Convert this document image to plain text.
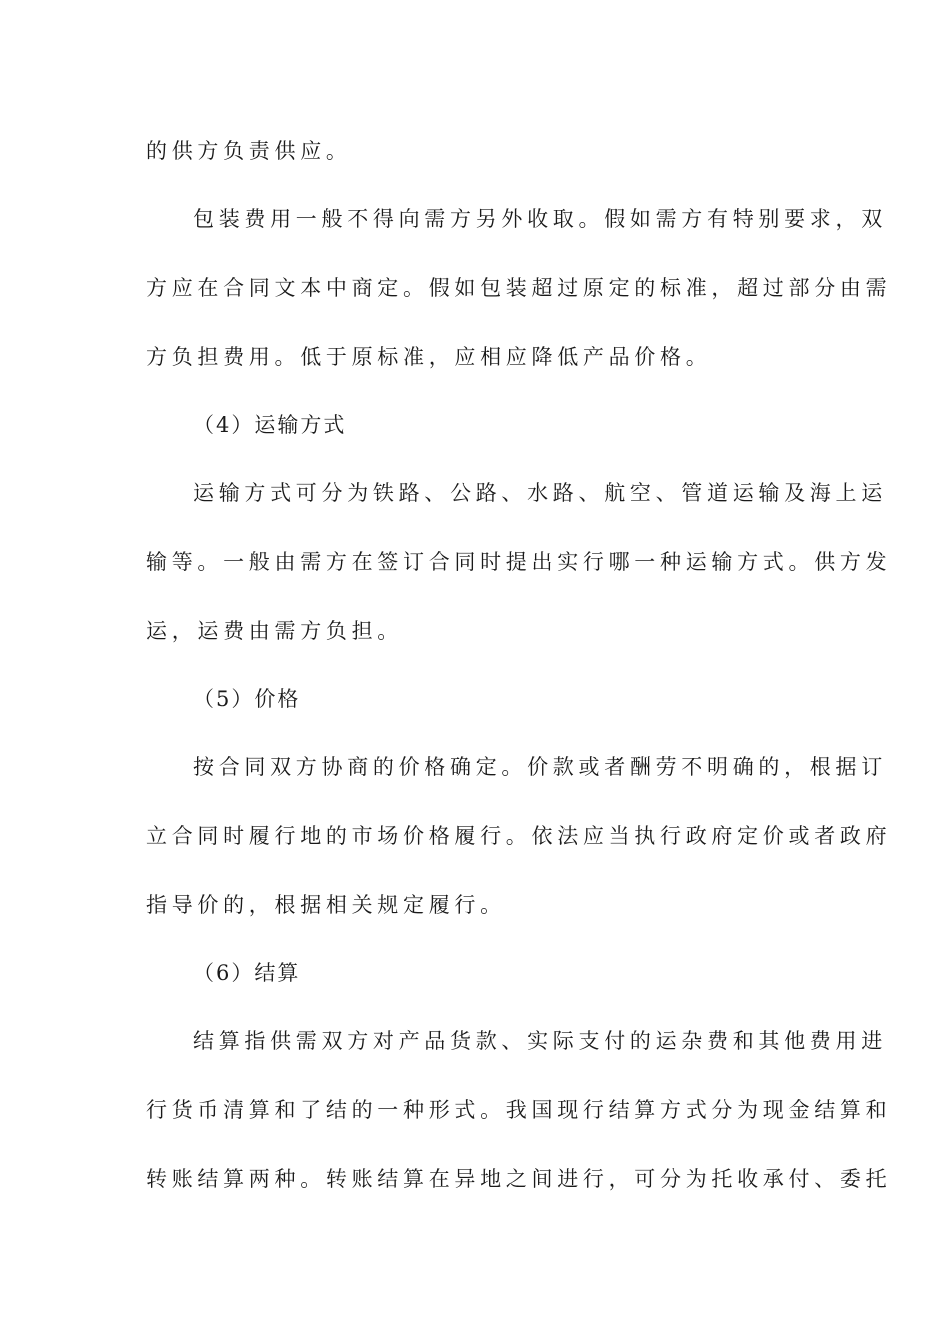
的供方负责供应。
包装费用一般不得向需方另外收取。假如需方有特别要求，双
方应在合同文本中商定。假如包装超过原定的标准，超过部分由需
方负担费用。低于原标准，应相应降低产品价格。
（4）运输方式
运输方式可分为铁路、公路、水路、航空、管道运输及海上运
输等。一般由需方在签订合同时提出实行哪一种运输方式。供方发
运，运费由需方负担。
（5）价格
按合同双方协商的价格确定。价款或者酬劳不明确的，根据订
立合同时履行地的市场价格履行。依法应当执行政府定价或者政府
指导价的，根据相关规定履行。
（6）结算
结算指供需双方对产品货款、实际支付的运杂费和其他费用进
行货币清算和了结的一种形式。我国现行结算方式分为现金结算和
转账结算两种。转账结算在异地之间进行，可分为托收承付、委托
